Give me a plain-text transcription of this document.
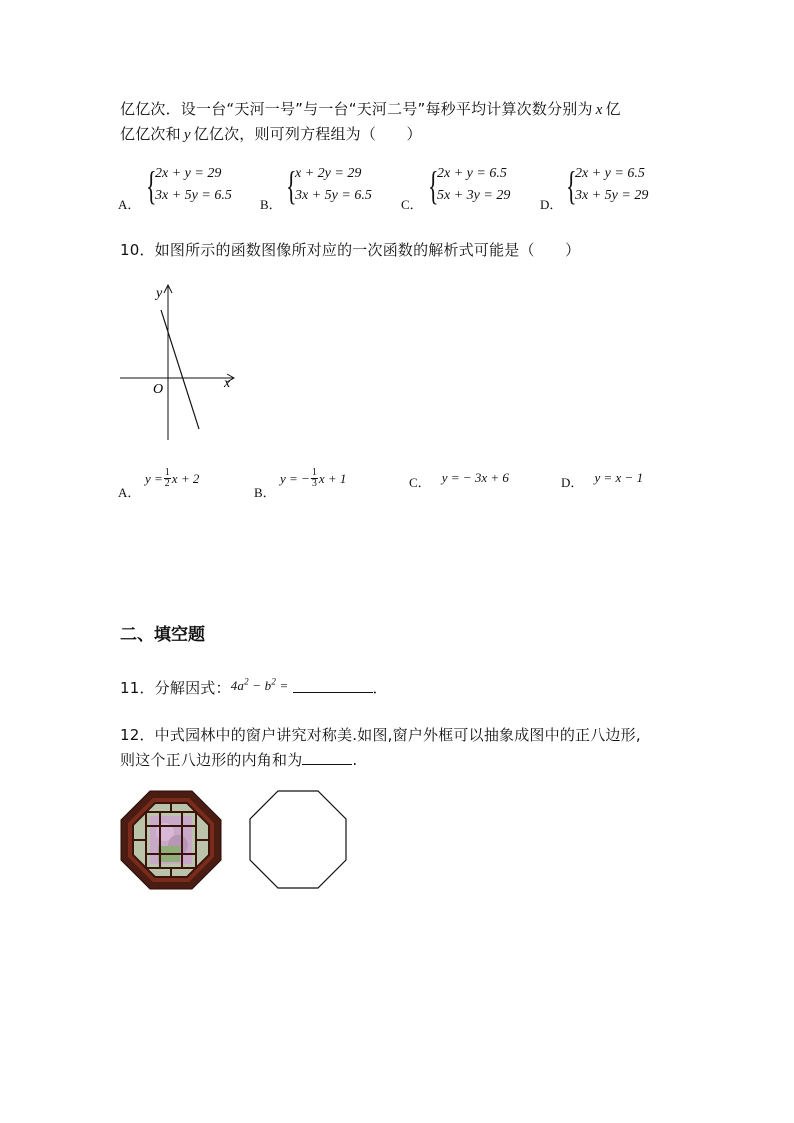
亿亿次．设一台“天河一号”与一台“天河二号”每秒平均计算次数分别为 x 亿
亿亿次和 y 亿亿次，则可列方程组为（　　）
A． {
2x + y = 29
3x + 5y = 6.5
B． {
x + 2y = 29
3x + 5y = 6.5
C． {
2x + y = 6.5
5x + 3y = 29
D． {
2x + y = 6.5
3x + 5y = 29
10．如图所示的函数图像所对应的一次函数的解析式可能是（　　）
y
x
O
A．
$y = \frac{1}{2}$ x + 2
B．
y = − $\frac{1}{3}$ x + 1	C． $^{y = - 3x + 6}$	D． $^{y = x - 1}$
二、填空题
11．分解因式：$4a^2 - b^2$ =	．
12．中式园林中的窗户讲究对称美.如图,窗户外框可以抽象成图中的正八边形,
则这个正八边形的内角和为	.
